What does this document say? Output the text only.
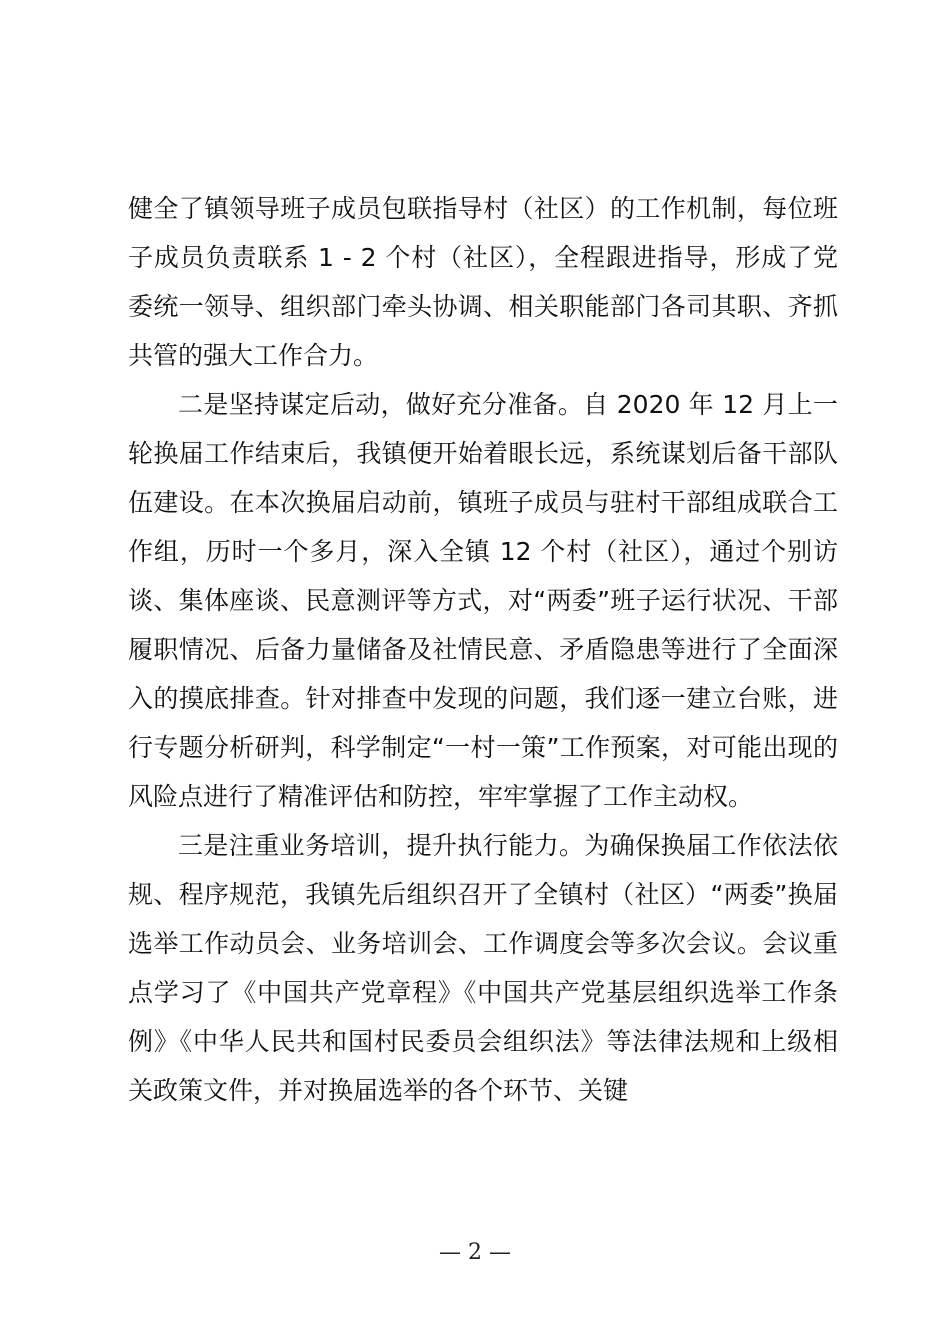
健全了镇领导班子成员包联指导村（社区）的工作机制，每位班子成员负责联系 1 - 2 个村（社区），全程跟进指导，形成了党委统一领导、组织部门牵头协调、相关职能部门各司其职、齐抓共管的强大工作合力。

二是坚持谋定后动，做好充分准备。自 2020 年 12 月上一轮换届工作结束后，我镇便开始着眼长远，系统谋划后备干部队伍建设。在本次换届启动前，镇班子成员与驻村干部组成联合工作组，历时一个多月，深入全镇 12 个村（社区），通过个别访谈、集体座谈、民意测评等方式，对“两委”班子运行状况、干部履职情况、后备力量储备及社情民意、矛盾隐患等进行了全面深入的摸底排查。针对排查中发现的问题，我们逐一建立台账，进行专题分析研判，科学制定“一村一策”工作预案，对可能出现的风险点进行了精准评估和防控，牢牢掌握了工作主动权。

三是注重业务培训，提升执行能力。为确保换届工作依法依规、程序规范，我镇先后组织召开了全镇村（社区）“两委”换届选举工作动员会、业务培训会、工作调度会等多次会议。会议重点学习了《中国共产党章程》《中国共产党基层组织选举工作条例》《中华人民共和国村民委员会组织法》等法律法规和上级相关政策文件，并对换届选举的各个环节、关键

— 2 —
